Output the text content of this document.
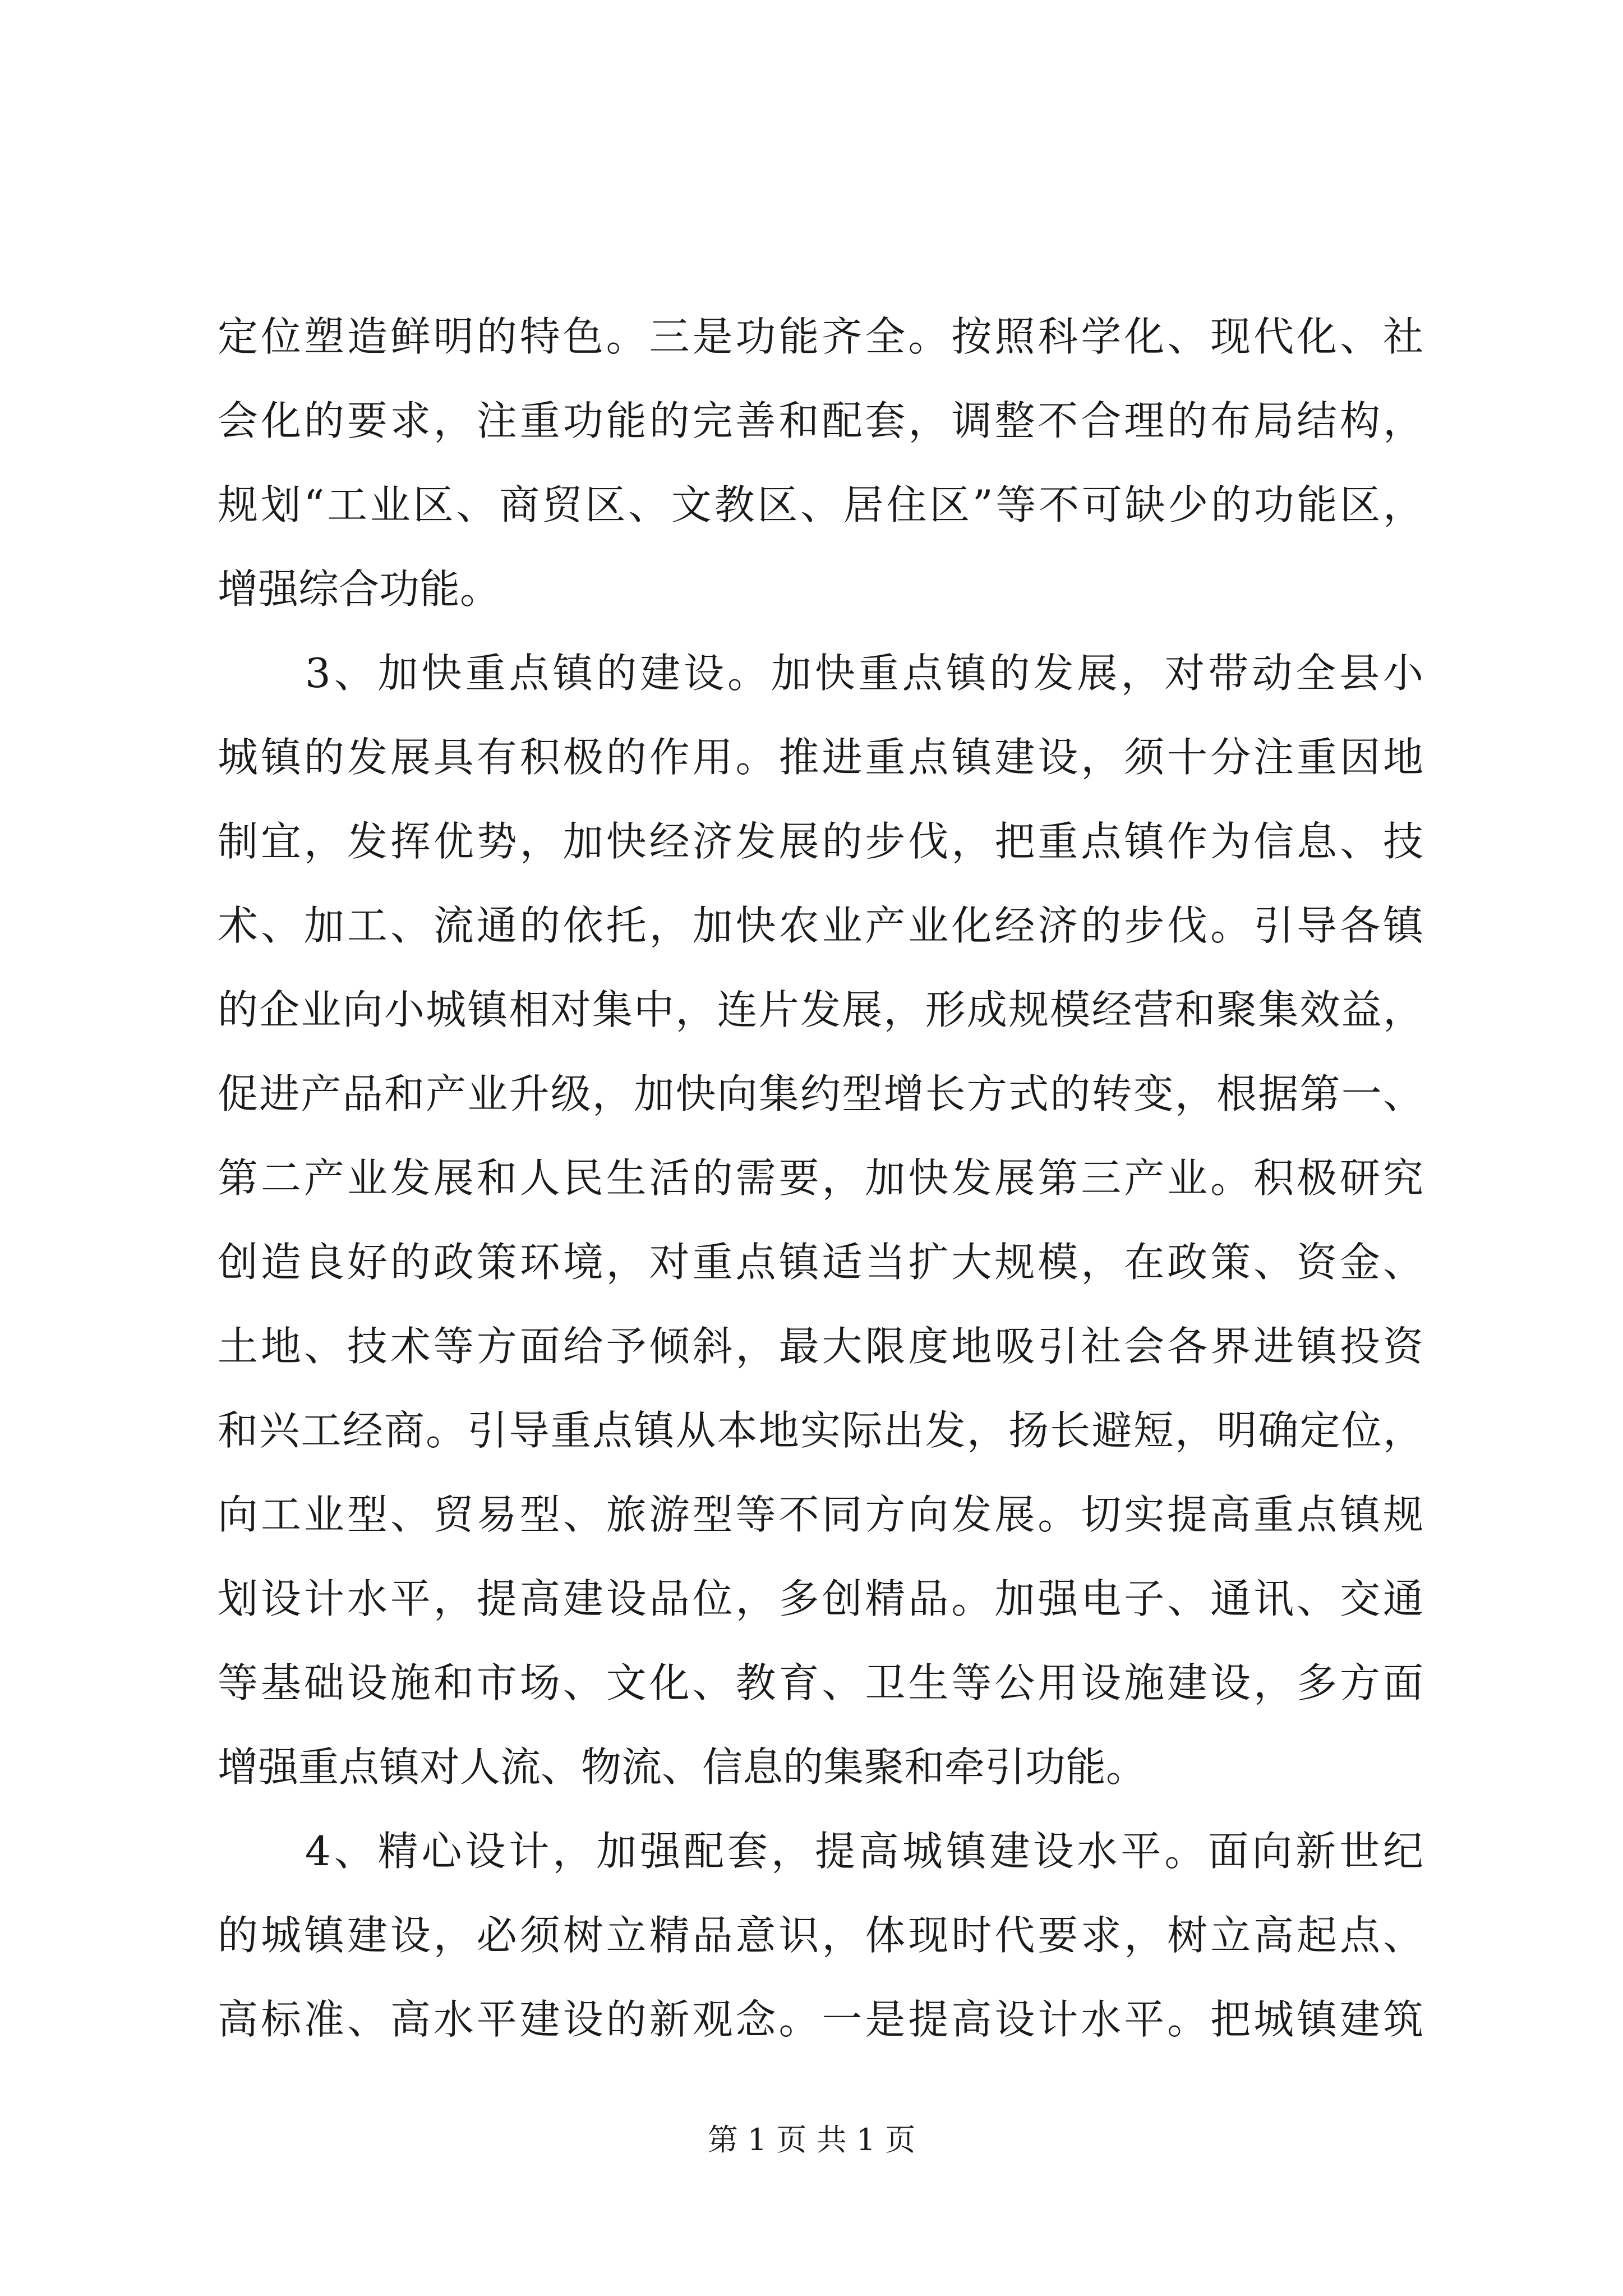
定位塑造鲜明的特色。三是功能齐全。按照科学化、现代化、社
会化的要求，注重功能的完善和配套，调整不合理的布局结构，
规划“工业区、商贸区、文教区、居住区”等不可缺少的功能区，
增强综合功能。
　　3、加快重点镇的建设。加快重点镇的发展，对带动全县小
城镇的发展具有积极的作用。推进重点镇建设，须十分注重因地
制宜，发挥优势，加快经济发展的步伐，把重点镇作为信息、技
术、加工、流通的依托，加快农业产业化经济的步伐。引导各镇
的企业向小城镇相对集中，连片发展，形成规模经营和聚集效益，
促进产品和产业升级，加快向集约型增长方式的转变，根据第一、
第二产业发展和人民生活的需要，加快发展第三产业。积极研究
创造良好的政策环境，对重点镇适当扩大规模，在政策、资金、
土地、技术等方面给予倾斜，最大限度地吸引社会各界进镇投资
和兴工经商。引导重点镇从本地实际出发，扬长避短，明确定位，
向工业型、贸易型、旅游型等不同方向发展。切实提高重点镇规
划设计水平，提高建设品位，多创精品。加强电子、通讯、交通
等基础设施和市场、文化、教育、卫生等公用设施建设，多方面
增强重点镇对人流、物流、信息的集聚和牵引功能。
　　4、精心设计，加强配套，提高城镇建设水平。面向新世纪
的城镇建设，必须树立精品意识，体现时代要求，树立高起点、
高标准、高水平建设的新观念。一是提高设计水平。把城镇建筑
第 1 页 共 1 页
